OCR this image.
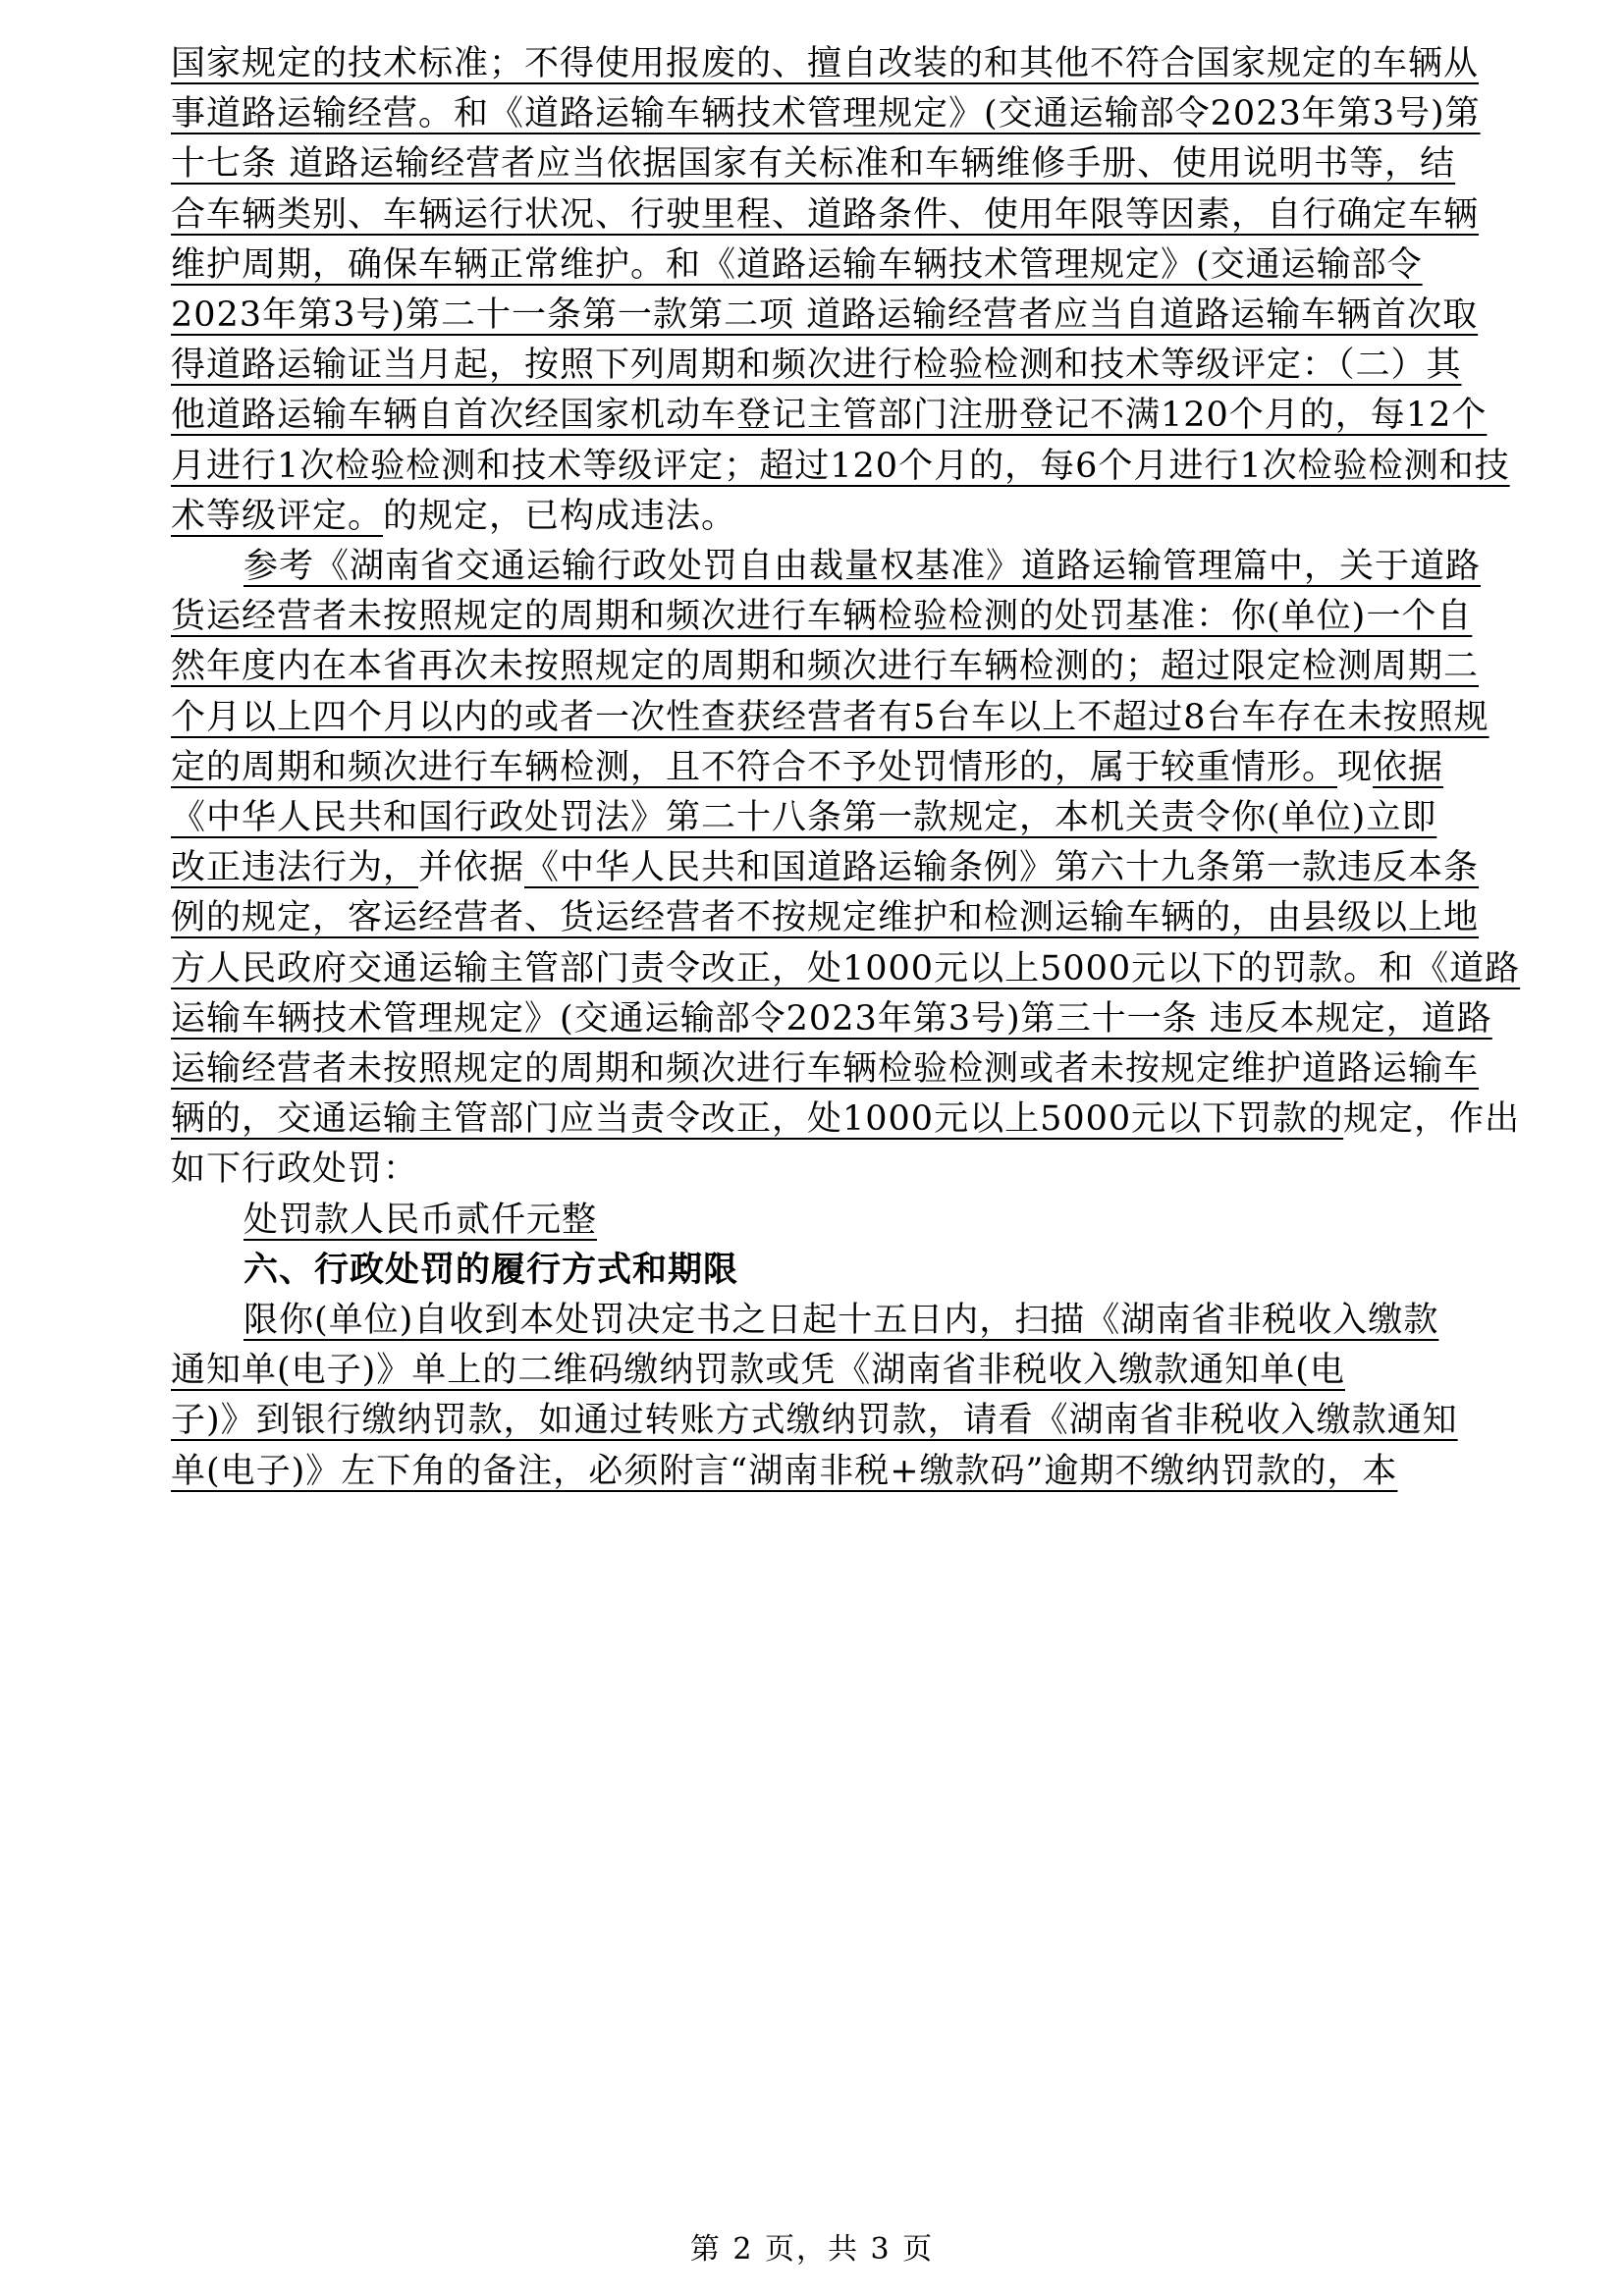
国家规定的技术标准；不得使用报废的、擅自改装的和其他不符合国家规定的车辆从
事道路运输经营。和《道路运输车辆技术管理规定》(交通运输部令2023年第3号)第
十七条 道路运输经营者应当依据国家有关标准和车辆维修手册、使用说明书等，结
合车辆类别、车辆运行状况、行驶里程、道路条件、使用年限等因素，自行确定车辆
维护周期，确保车辆正常维护。和《道路运输车辆技术管理规定》(交通运输部令
2023年第3号)第二十一条第一款第二项 道路运输经营者应当自道路运输车辆首次取
得道路运输证当月起，按照下列周期和频次进行检验检测和技术等级评定：（二）其
他道路运输车辆自首次经国家机动车登记主管部门注册登记不满120个月的，每12个
月进行1次检验检测和技术等级评定；超过120个月的，每6个月进行1次检验检测和技
术等级评定。的规定，已构成违法。
参考《湖南省交通运输行政处罚自由裁量权基准》道路运输管理篇中，关于道路
货运经营者未按照规定的周期和频次进行车辆检验检测的处罚基准：你(单位)一个自
然年度内在本省再次未按照规定的周期和频次进行车辆检测的；超过限定检测周期二
个月以上四个月以内的或者一次性查获经营者有5台车以上不超过8台车存在未按照规
定的周期和频次进行车辆检测，且不符合不予处罚情形的，属于较重情形。现依据
《中华人民共和国行政处罚法》第二十八条第一款规定，本机关责令你(单位)立即
改正违法行为，并依据《中华人民共和国道路运输条例》第六十九条第一款违反本条
例的规定，客运经营者、货运经营者不按规定维护和检测运输车辆的，由县级以上地
方人民政府交通运输主管部门责令改正，处1000元以上5000元以下的罚款。和《道路
运输车辆技术管理规定》(交通运输部令2023年第3号)第三十一条 违反本规定，道路
运输经营者未按照规定的周期和频次进行车辆检验检测或者未按规定维护道路运输车
辆的，交通运输主管部门应当责令改正，处1000元以上5000元以下罚款的规定，作出
如下行政处罚：
处罚款人民币贰仟元整
六、行政处罚的履行方式和期限
限你(单位)自收到本处罚决定书之日起十五日内，扫描《湖南省非税收入缴款
通知单(电子)》单上的二维码缴纳罚款或凭《湖南省非税收入缴款通知单(电
子)》到银行缴纳罚款，如通过转账方式缴纳罚款，请看《湖南省非税收入缴款通知
单(电子)》左下角的备注，必须附言“湖南非税+缴款码”逾期不缴纳罚款的，本
第 2 页，共 3 页
